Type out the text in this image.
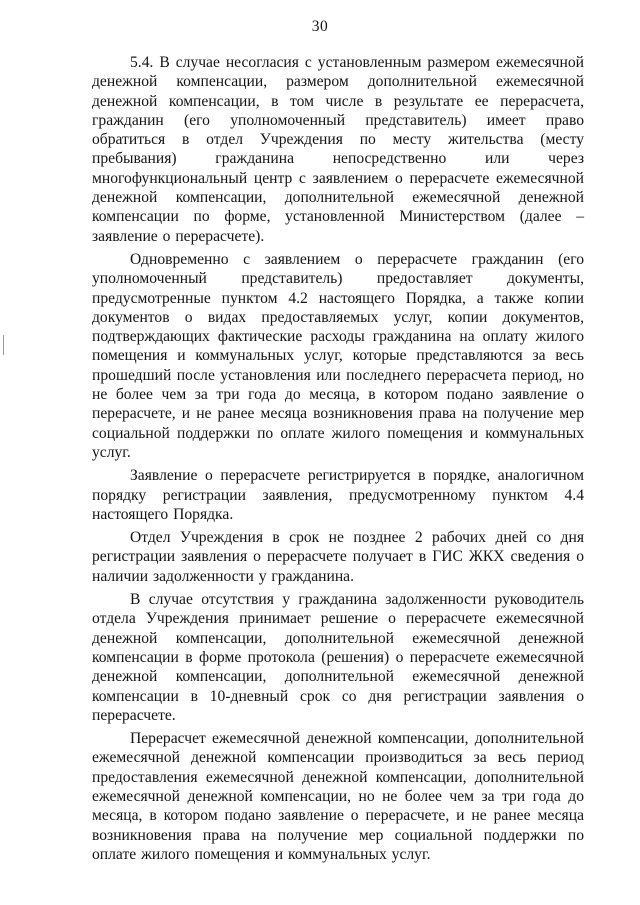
30

5.4. В случае несогласия с установленным размером ежемесячной денежной компенсации, размером дополнительной ежемесячной денежной компенсации, в том числе в результате ее перерасчета, гражданин (его уполномоченный представитель) имеет право обратиться в отдел Учреждения по месту жительства (месту пребывания) гражданина непосредственно или через многофункциональный центр с заявлением о перерасчете ежемесячной денежной компенсации, дополнительной ежемесячной денежной компенсации по форме, установленной Министерством (далее – заявление о перерасчете).

Одновременно с заявлением о перерасчете гражданин (его уполномоченный представитель) предоставляет документы, предусмотренные пунктом 4.2 настоящего Порядка, а также копии документов о видах предоставляемых услуг, копии документов, подтверждающих фактические расходы гражданина на оплату жилого помещения и коммунальных услуг, которые представляются за весь прошедший после установления или последнего перерасчета период, но не более чем за три года до месяца, в котором подано заявление о перерасчете, и не ранее месяца возникновения права на получение мер социальной поддержки по оплате жилого помещения и коммунальных услуг.

Заявление о перерасчете регистрируется в порядке, аналогичном порядку регистрации заявления, предусмотренному пунктом 4.4 настоящего Порядка.

Отдел Учреждения в срок не позднее 2 рабочих дней со дня регистрации заявления о перерасчете получает в ГИС ЖКХ сведения о наличии задолженности у гражданина.

В случае отсутствия у гражданина задолженности руководитель отдела Учреждения принимает решение о перерасчете ежемесячной денежной компенсации, дополнительной ежемесячной денежной компенсации в форме протокола (решения) о перерасчете ежемесячной денежной компенсации, дополнительной ежемесячной денежной компенсации в 10-дневный срок со дня регистрации заявления о перерасчете.

Перерасчет ежемесячной денежной компенсации, дополнительной ежемесячной денежной компенсации производиться за весь период предоставления ежемесячной денежной компенсации, дополнительной ежемесячной денежной компенсации, но не более чем за три года до месяца, в котором подано заявление о перерасчете, и не ранее месяца возникновения права на получение мер социальной поддержки по оплате жилого помещения и коммунальных услуг.
